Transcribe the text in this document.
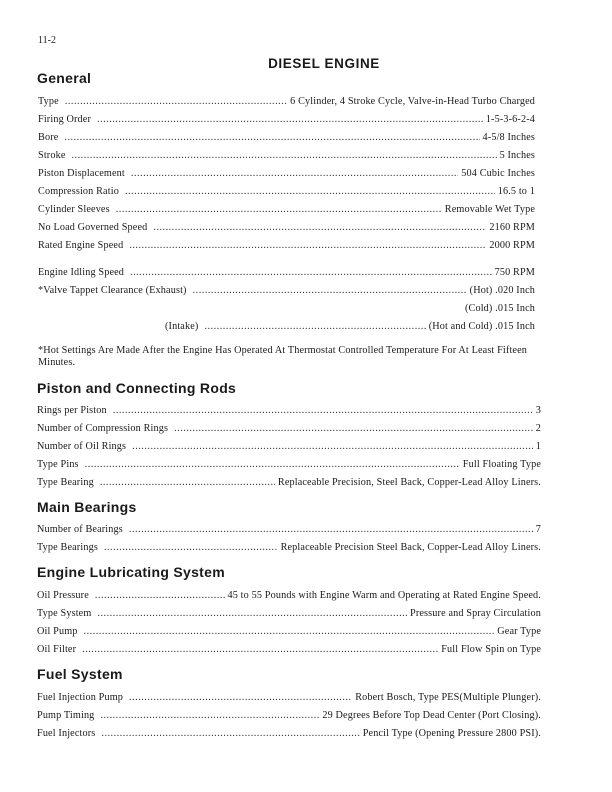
11-2
DIESEL ENGINE
General
Type .....	6 Cylinder, 4 Stroke Cycle, Valve-in-Head Turbo Charged
Firing Order .....	1-5-3-6-2-4
Bore .....	4-5/8 Inches
Stroke .....	5 Inches
Piston Displacement .....	504 Cubic Inches
Compression Ratio .....	16.5 to 1
Cylinder Sleeves .....	Removable Wet Type
No Load Governed Speed .....	2160 RPM
Rated Engine Speed .....	2000 RPM
Engine Idling Speed .....	750 RPM
*Valve Tappet Clearance (Exhaust) .....	(Hot) .020 Inch
(Cold) .015 Inch
(Intake) .....	(Hot and Cold) .015 Inch
*Hot Settings Are Made After the Engine Has Operated At Thermostat Controlled Temperature For At Least Fifteen Minutes.
Piston and Connecting Rods
Rings per Piston .....	3
Number of Compression Rings .....	2
Number of Oil Rings .....	1
Type Pins .....	Full Floating Type
Type Bearing .....	Replaceable Precision, Steel Back, Copper-Lead Alloy Liners.
Main Bearings
Number of Bearings .....	7
Type Bearings .....	Replaceable Precision Steel Back, Copper-Lead Alloy Liners.
Engine Lubricating System
Oil Pressure .....	45 to 55 Pounds with Engine Warm and Operating at Rated Engine Speed.
Type System .....	Pressure and Spray Circulation
Oil Pump .....	Gear Type
Oil Filter .....	Full Flow Spin on Type
Fuel System
Fuel Injection Pump .....	Robert Bosch, Type PES(Multiple Plunger).
Pump Timing .....	29 Degrees Before Top Dead Center (Port Closing).
Fuel Injectors .....	Pencil Type (Opening Pressure 2800 PSI).
